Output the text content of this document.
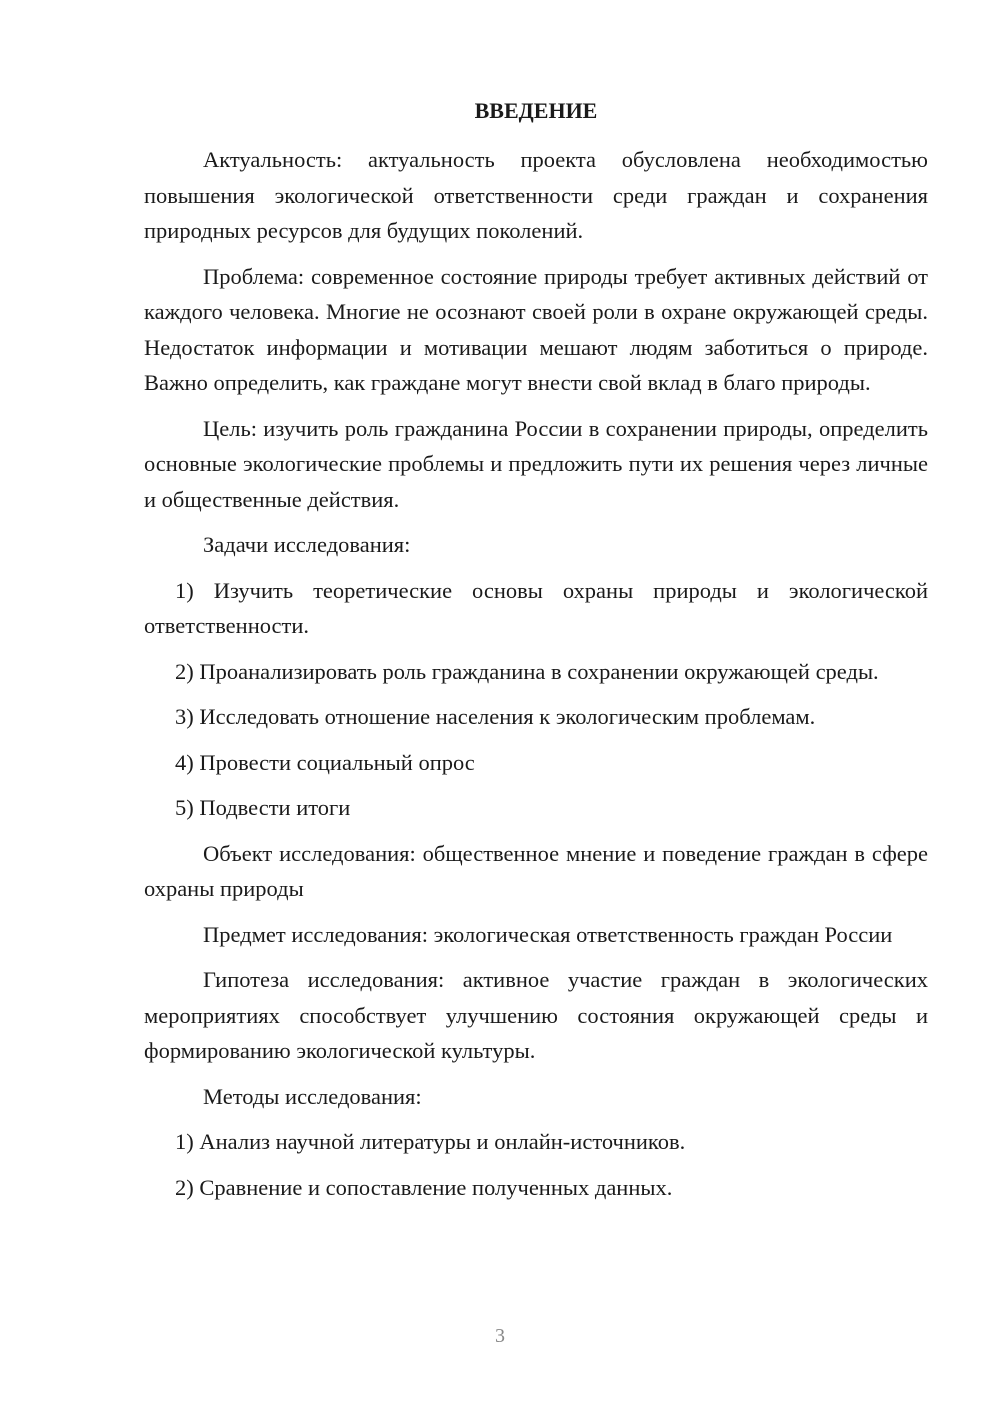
ВВЕДЕНИЕ

Актуальность: актуальность проекта обусловлена необходимостью повышения экологической ответственности среди граждан и сохранения природных ресурсов для будущих поколений.

Проблема: современное состояние природы требует активных действий от каждого человека. Многие не осознают своей роли в охране окружающей среды. Недостаток информации и мотивации мешают людям заботиться о природе. Важно определить, как граждане могут внести свой вклад в благо природы.

Цель: изучить роль гражданина России в сохранении природы, определить основные экологические проблемы и предложить пути их решения через личные и общественные действия.

Задачи исследования:

1) Изучить теоретические основы охраны природы и экологической ответственности.

2) Проанализировать роль гражданина в сохранении окружающей среды.

3) Исследовать отношение населения к экологическим проблемам.

4) Провести социальный опрос

5) Подвести итоги

Объект исследования: общественное мнение и поведение граждан в сфере охраны природы

Предмет исследования: экологическая ответственность граждан России

Гипотеза исследования: активное участие граждан в экологических мероприятиях способствует улучшению состояния окружающей среды и формированию экологической культуры.

Методы исследования:

1) Анализ научной литературы и онлайн-источников.

2) Сравнение и сопоставление полученных данных.

3
